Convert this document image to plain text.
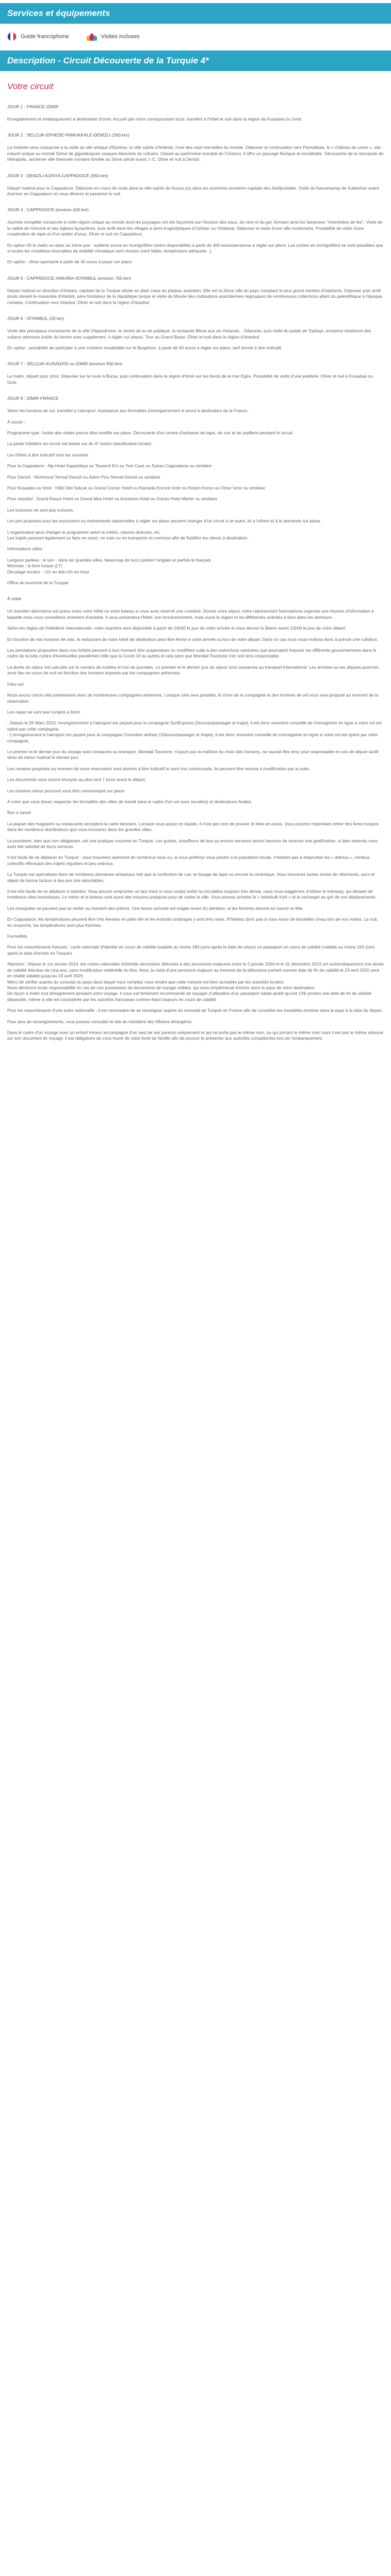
Services et équipements
Guide francophone	Visites incluses
Description - Circuit Découverte de la Turquie 4*
Votre circuit

JOUR 1 : FRANCE-IZMIR

Enregistrement et embarquement à destination d'Izmir. Accueil par notre correspondant local, transfert à l'hôtel et nuit dans la région de Kusadasi ou Izmir.

JOUR 2 : SELCUK-EPHESE-PAMUKKALE-DENIZLI (260 km)

La matinée sera consacrée à la visite du site antique d'Éphèse, la ville sainte d'Artémis, l'une des sept merveilles du monde. Déjeuner et continuation vers Pamukkale, le « château de coton », site naturel unique au monde formé de gigantesques vasques blanches de calcaire. Classé au patrimoine mondial de l'Unesco, il offre un paysage féerique et inoubliable. Découverte de la nécropole de Hiérapolis, ancienne ville thermale romaine fondée au 2ème siècle avant J.-C. Dîner et nuit à Denizli.

JOUR 3 : DENIZLI-KONYA-CAPPADOCE (650 km)

Départ matinal pour la Cappadoce. Déjeuner en cours de route dans la ville sainte de Konya (ou dans les environs) ancienne capitale des Seldjoukides. Visite du Karvansaray de Sultanhan avant d'arriver en Cappadoce où vous dînerez et passerez la nuit.

JOUR 4 : CAPPADOCE (environ 100 km)

Journée complète consacrée à cette région unique au monde dont les paysages ont été façonnés par l'érosion des eaux, du vent et du gel, formant ainsi les fameuses "cheminées de fée". Visite de la vallée de Göreme et ses églises byzantines, puis arrêt dans les villages à demi troglodytiques d'Uçhisar ou Ortahisar. Déjeuner et visite d'une ville souterraine. Possibilité de visite d'une coopérative de tapis et d'un atelier d'onyx. Dîner et nuit en Cappadoce.

En option tôt le matin ou dans sa 1ème jour : sublime survol en montgolfière (selon disponibilité) à partir de 400 euros/personne à régler sur place. Les sorties en montgolfière ne sont possibles que si toutes les conditions favorables de stabilité climatique sont réunies (vent faible, température adéquate...).

En option : dîner-spectacle à partir de 40 euros à payer sur place

JOUR 5 : CAPPADOCE-ANKARA-ISTANBUL (environ 750 km)

Départ matinal en direction d'Ankara, capitale de la Turquie située en plein cœur du plateau anatolien. Elle est la 2ème ville du pays comptant le plus grand nombre d'habitants. Déjeuner puis arrêt photo devant le mausolée d'Atatürk, père fondateur de la république turque et visite du Musée des civilisations anatoliennes regroupant de nombreuses collections allant du paléolithique à l'époque romaine. Continuation vers Istanbul. Dîner et nuit dans la région d'Istanbul.

JOUR 6 : ISTANBUL (20 km)

Visite des principaux monuments de la ville (Hippodrome, le centre de la vie publique, la mosquée Bleue aux six minarets... Déjeuner, puis visite du palais de Topkapi, ancienne résidence des sultans ottomans (visite du harem avec supplément, à régler sur place). Tour au Grand Bazar. Dîner et nuit dans la région d'Istanbul.

En option : possibilité de participer à une croisière inoubliable sur le Bosphore, à partir de 50 euros à régler sur place, tarif donné à titre indicatif.

JOUR 7 : SELÇUK-KUSADASI ou IZMIR (environ 550 km)

Le matin, départ pour Izmir. Déjeuner sur la route à Bursa, puis continuation dans la région d'Izmir sur les bords de la mer Egée. Possibilité de visite d'une joaillerie. Dîner et nuit à Kusadasi ou Izmir.

JOUR 8 : IZMIR-FRANCE

Selon les horaires de vol, transfert à l'aéroport. Assistance aux formalités d'enregistrement et envol à destination de la France.

À savoir :

Programme type. l'ordre des visites pourra être modifié sur place. Découverte d'un centre d'artisanat de tapis, de cuir et de joaillerie pendant le circuit.

La partie hôtelière du circuit est basée sur du 4* (selon classification locale).

Les hôtels à titre indicatif sont les suivants :

Pour la Cappadoce : Alp Hotel Kapadokya ou Tessenti Evi ou Yosi Cave ou Suhan Cappadocia ou similaire

Pour Denizli : Richmond Termal Denizli ou Adem Pira Termal Denizli ou similaire

Pour Kusadasi ou Izmir : Hiltil Otel Selçuk ou Grand Corner Hotel ou Ramada Encore Izmir ou Nobon Kenre ou Ontur Izmir ou similaire

Pour Istanbul : Grand Ravuz Hotel ou Grand Mira Hotel ou Acezema Hotel ou Gûnes Hotel Merter ou similaire

Les boissons ne sont pas incluses.

Les prix proposés pour les excursions ou événements optionnelles à régler sur place peuvent changer d'un circuit à un autre, ils à l'ofrent et à la demande sur place.

L'organisateur peut changer le programme selon la météo, raisons diverses, etc.
Les trajets peuvent également se faire en avion, en train ou en transports en commun afin de fluidifier les clients à destination.

Informations utiles

Langues parlées : le turc - dans les grandes villes, beaucoup de turcs parlent l'anglais et parfois le français
Monnaie : la livre turque (LT)
Décalage horaire : +1h en été/+2h en hiver

Office du tourisme de la Turquie

À noter

Un transfert aller/retour est prévu entre votre hôtel ou votre bateau si vous avez réservé une croisière. Durant votre séjour, notre représentant francophone organise une réunion d'information à laquelle nous vous conseillons vivement d'assister. Il vous présentera l'hôtel, son fonctionnement, mais aussi la région et les différentes activités à faire dans les alentours.

Selon les règles de l'hôtellerie internationale, votre chambre sera disponible à partir de 14h00 le jour de votre arrivée et vous devrez la libérer avant 12h00 le jour de votre départ.

En fonction de vos horaires de vols, le restaurant de votre hôtel de destination peut être fermé à votre arrivée ou lors de votre départ. Dans ce cas nous vous invitons donc à prévoir une collation.

Les prestations proposées dans nos forfaits peuvent à tout moment être suspendues ou modifiées suite à des restrictions sanitaires que pourraient imposer les différents gouvernements dans le cadre de la lutte contre d'éventuelles pandémies telle que la Covid-19 ou autres et cela sans que Mondial Tourisme n'en soit tenu responsable.

La durée du séjour est calculée sur le nombre de nuitées et non de journées. Le premier et le dernier jour du séjour sont consacrés au transport international. Les arrivées ou les départs pourront avoir lieu en cours de nuit en fonction des horaires imposés par les compagnies aériennes.

Infos vol

Nous avons conclu des partenariats avec de nombreuses compagnies aériennes. Lorsque cela sera possible, le choix de la compagnie et des horaires de vol vous sera proposé au moment de la réservation.

Les repas ne sont pas compris à bord.

- Depuis le 26 Mars 2023, l'enregistrement à l'aéroport est payant pour la compagnie SunExpress (Sources/passager et trajet), il est donc vivement conseillé de s'enregistrer en ligne à votre vol est opéré par cette compagnie.
- L'enregistrement à l'aéroport est payant pour la compagnie Corendon airlines (10euros/passager et /trajet), il est donc vivement conseillé de s'enregistrer en ligne si votre vol est opéré par cette compagnie.

Le premier et le dernier jour du voyage sont consacrés au transport. Mondial Tourisme, n'ayant pas la maîtrise du choix des horaires, ne saurait être tenu pour responsable en cas de départ tardif et/ou de retour matinal le dernier jour.

Les horaires proposés au moment de votre réservation sont donnés à titre indicatif et sont non contractuels. Ils peuvent être soumis à modification par la suite.

Les documents vous seront envoyés au plus tard 7 jours avant le départ.

Les horaires retour pourront vous être communiqué sur place.

A noter que vous devez respecter les formalités des villes de transit dans le cadre d'un vol avec escale(s) et destinations finales.

Bon à savoir

La plupart des magasins ou restaurants acceptent la carte bancaire. Lorsque vous payez en liquide, il n'est pas rare de pouvoir le faire en euros. Vous pourrez cependant retirer des livres turques dans les nombreux distributeurs que vous trouverez dans les grandes villes.

Le pourboire, bien que non obligatoire, est une pratique courante en Turquie. Les guides, chauffeurs de bus ou encore serveurs seront heureux de recevoir une gratification, si bien entendu vous avez été satisfait de leurs services.

Il est facile de se déplacer en Turquie : vous trouverez aisément de nombreux taxis ou, si vous préférez vous joindre à la population locale, n'hésitez pas à emprunter les « dolmus », minibus collectifs effectuant des trajets réguliers et peu onéreux.

La Turquie est spécialisée dans de nombreux domaines artisanaux tels que la confection de cuir, le tissage de tapis ou encore la céramique. Vous trouverez toutes sortes de vêtements, sacs et objets de bonne facture à des prix très abordables.

Il est très facile de se déplacer à Istanbul. Vous pouvez emprunter un taxi mais si vous voulez éviter la circulation toujours très dense, nous vous suggérons d'utiliser le tramway, qui dessert de nombreux sites touristiques. Le métro et le bateau sont aussi des moyens pratiques pour de visiter la ville. Vous pouvez acheter la « Istanbulk Kart » et la recharger au gré de vos déplacements.

Les mosquées se peuvent pas se visiter au moment des prières. Une tenue correcte est exigée avant d'y pénétrer, et les femmes doivent se couvrir la tête.

En Cappadoce, les températures peuvent être très élevées en plein été et les endroits ombragés y sont très rares. N'hésitez donc pas à vous munir de bouteilles d'eau lors de vos visites. La nuit, en revanche, les températures sont plus fraîches.

Formalités

Pour les ressortissants français : carte nationale d'identité en cours de validité (valable au moins 180 jours après la date de retour) ou passeport en cours de validité (valable au moins 150 jours après la date d'entrée en Turquie).

Attention : Depuis le 1er janvier 2014, les cartes nationales d'identité sécurisées délivrées à des personnes majeures entre le 2 janvier 2004 et le 31 décembre 2013 ont automatiquement une durée de validité étendue de cinq ans, sans modification matérielle du titre. Ainsi, la carte d'une personne majeure au moment de la délivrance portant comme date de fin de validité le 23 avril 2020 sera en réalité valable jusqu'au 23 avril 2025.
Merci de vérifier auprès du consulat du pays dans lequel vous comptez vous rendre que cette mesure est bien acceptée par les autorités locales.
Nous déclinons toute responsabilité en cas de non possession de documents de voyage valides, qui vous empêcherait d'entrer dans le pays de votre destination.
De façon à éviter tout désagrément pendant votre voyage, il vous est fortement recommandé de voyager (l'utilisation d'un passeport valide plutôt qu'une CNI portant une date de fin de validité dépassée, même si elle est considérée par les autorités françaises comme étant toujours en cours de validité.

Pour les ressortissants d'une autre nationalité : il est nécessaire de se renseigner auprès du consulat de Turquie en France afin de connaître les modalités d'entrée dans le pays à la date du départ.

Pour plus de renseignements, vous pouvez consulter le site du ministère des Affaires étrangères

Dans le cadre d'un voyage avec un enfant mineur accompagné d'un seul de ses parents uniquement et qui ne porte pas le même nom, ou qui portant le même nom mais n'est pas le même adresse sur son document de voyage, il est obligatoire de vous munir de votre livret de famille afin de pouvoir le présenter aux autorités compétentes lors de l'embarquement.
